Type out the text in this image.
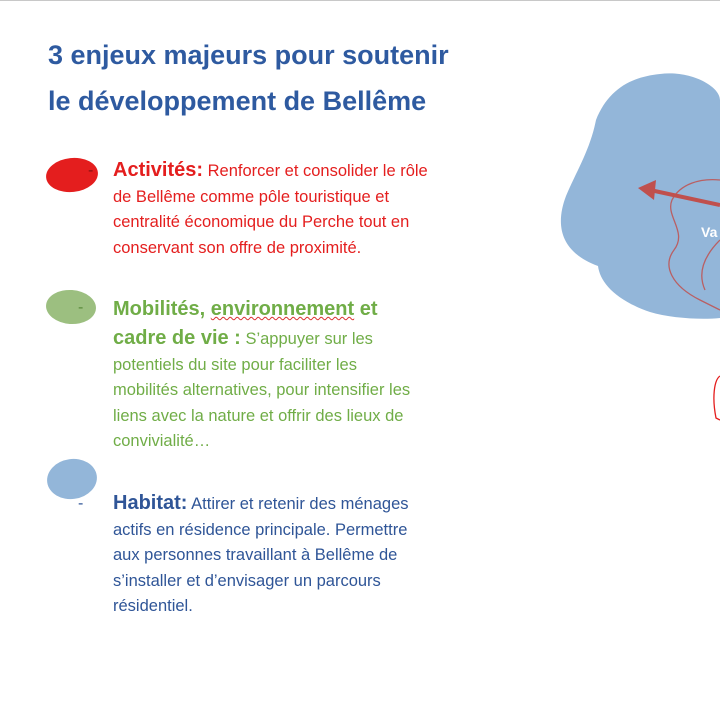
3 enjeux majeurs pour soutenir
le développement de Bellême
Va
- Activités: Renforcer et consolider le rôle
de Bellême comme pôle touristique et
centralité économique du Perche tout en
conservant son offre de proximité.
- Mobilités, environnement et
cadre de vie : S’appuyer sur les
potentiels du site pour faciliter les
mobilités alternatives, pour intensifier les
liens avec la nature et offrir des lieux de
convivialité…
- Habitat: Attirer et retenir des ménages
actifs en résidence principale. Permettre
aux personnes travaillant à Bellême de
s’installer et d’envisager un parcours
résidentiel.
